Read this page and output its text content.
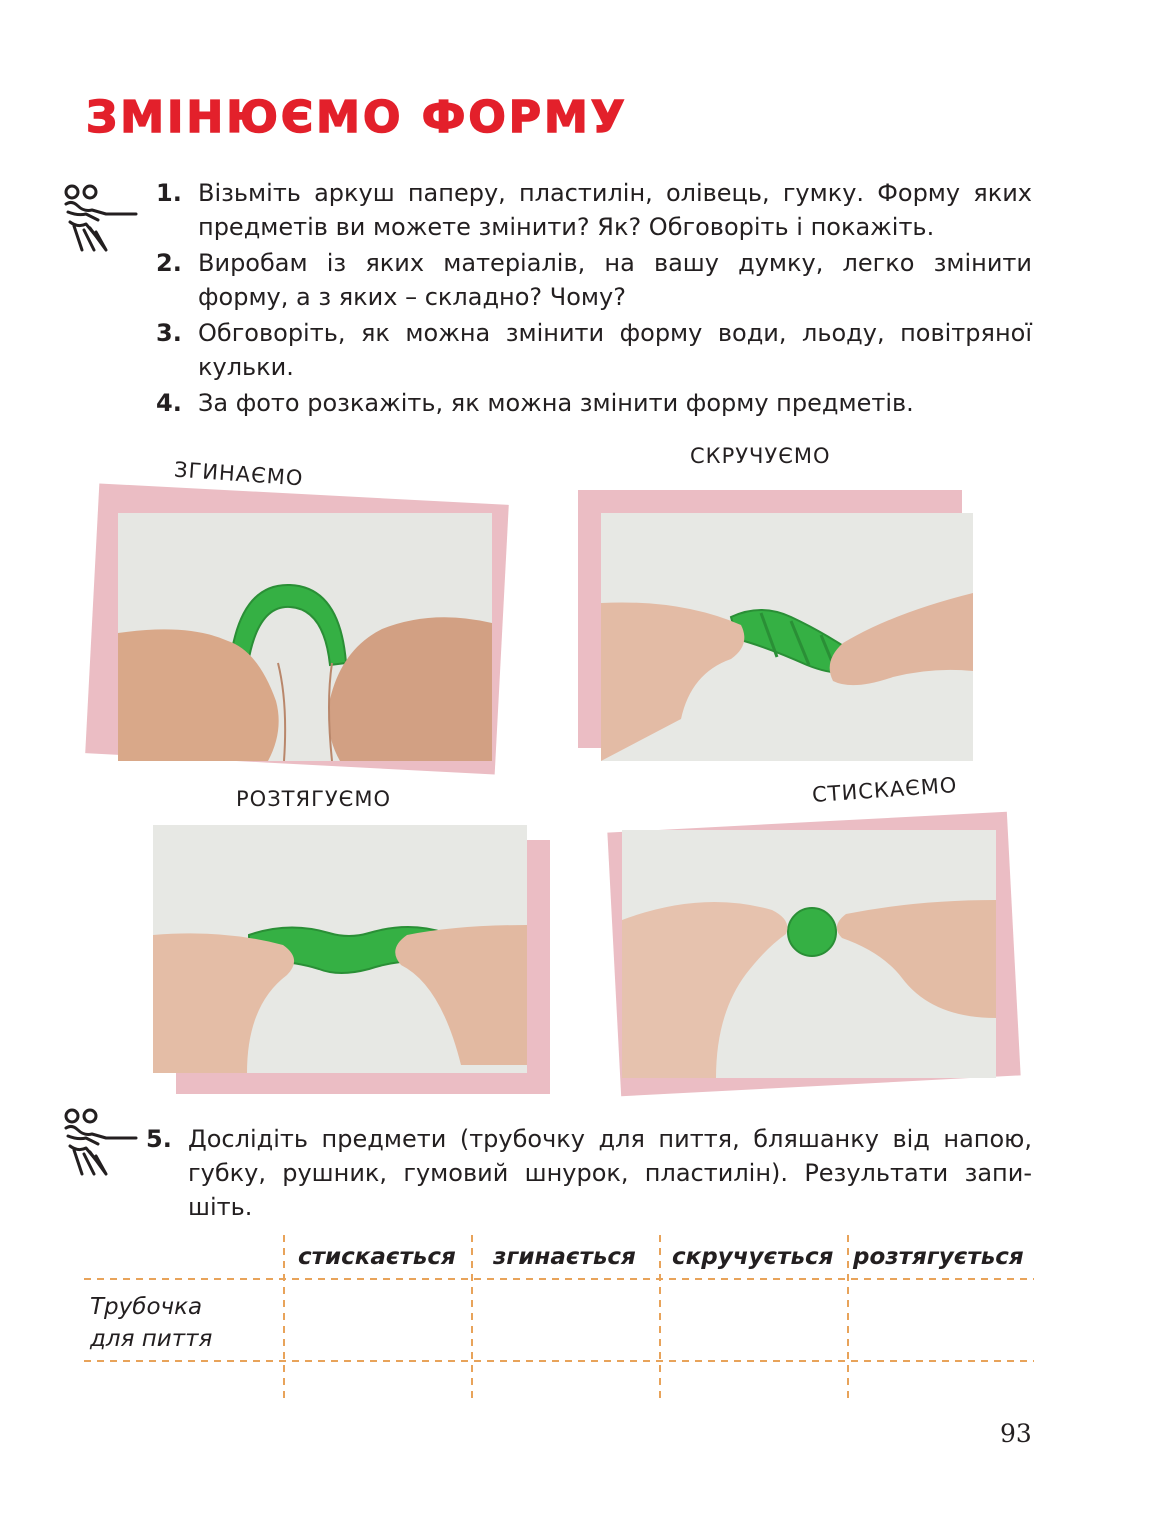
ЗМІНЮЄМО ФОРМУ
1. Візьміть аркуш паперу, пластилін, олівець, гумку. Форму яких предметів ви можете змінити? Як? Обговоріть і покажіть.
2. Виробам із яких матеріалів, на вашу думку, легко змінити форму, а з яких – складно? Чому?
3. Обговоріть, як можна змінити форму води, льоду, повітряної кульки.
4. За фото розкажіть, як можна змінити форму предметів.
ЗГИНАЄМО
СКРУЧУЄМО
РОЗТЯГУЄМО	СТИСКАЄМО
5. Дослідіть предмети (трубочку для пиття, бляшанку від напою, губку, рушник, гумовий шнурок, пластилін). Результати запи-шіть.
стискається згинається скручується розтягується
Трубочка
для пиття
93
